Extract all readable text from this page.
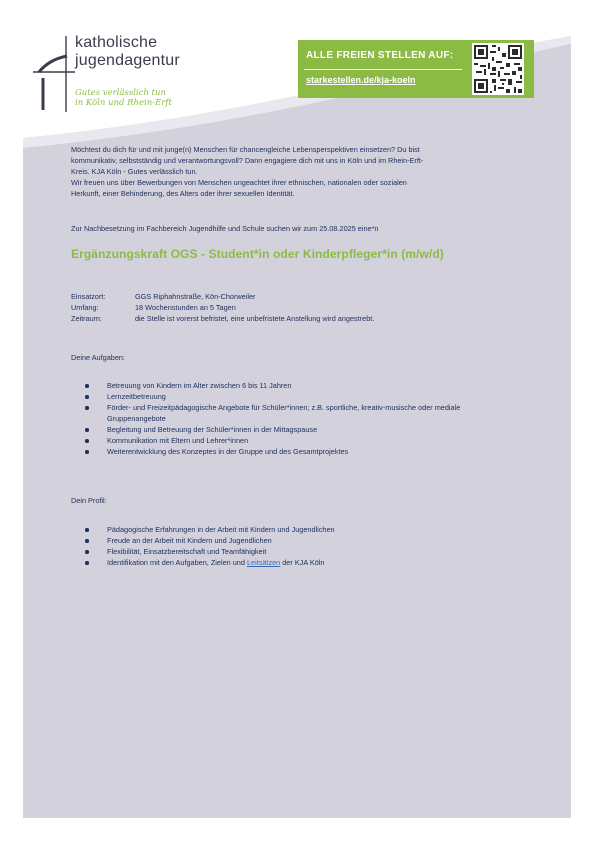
katholische
jugendagentur
Gutes verlässlich tun
in Köln und Rhein-Erft
ALLE FREIEN STELLEN AUF:
starkestellen.de/kja-koeln
Möchtest du dich für und mit junge(n) Menschen für chancengleiche Lebensperspektiven einsetzen? Du bist
kommunikativ, selbstständig und verantwortungsvoll? Dann engagiere dich mit uns in Köln und im Rhein-Erft-
Kreis. KJA Köln - Gutes verlässlich tun.
Wir freuen uns über Bewerbungen von Menschen ungeachtet ihrer ethnischen, nationalen oder sozialen
Herkunft, einer Behinderung, des Alters oder ihrer sexuellen Identität.
Zur Nachbesetzung im Fachbereich Jugendhilfe und Schule suchen wir zum 25.08.2025 eine*n
Ergänzungskraft OGS - Student*in oder Kinderpfleger*in (m/w/d)
Einsatzort:	GGS Riphahnstraße, Kön-Chorweiler
Umfang:	18 Wochenstunden an 5 Tagen
Zeitraum:	die Stelle ist vorerst befristet, eine unbefristete Anstellung wird angestrebt.
Deine Aufgaben:
Betreuung von Kindern im Alter zwischen 6 bis 11 Jahren
Lernzeitbetreuung
Förder- und Freizeitpädagogische Angebote für Schüler*innen; z.B. sportliche, kreativ-musische oder mediale Gruppenangebote
Begleitung und Betreuung der Schüler*innen in der Mittagspause
Kommunikation mit Eltern und Lehrer*innen
Weiterentwicklung des Konzeptes in der Gruppe und des Gesamtprojektes
Dein Profil:
Pädagogische Erfahrungen in der Arbeit mit Kindern und Jugendlichen
Freude an der Arbeit mit Kindern und Jugendlichen
Flexibilität, Einsatzbereitschaft und Teamfähigkeit
Identifikation mit den Aufgaben, Zielen und Leitsätzen der KJA Köln
